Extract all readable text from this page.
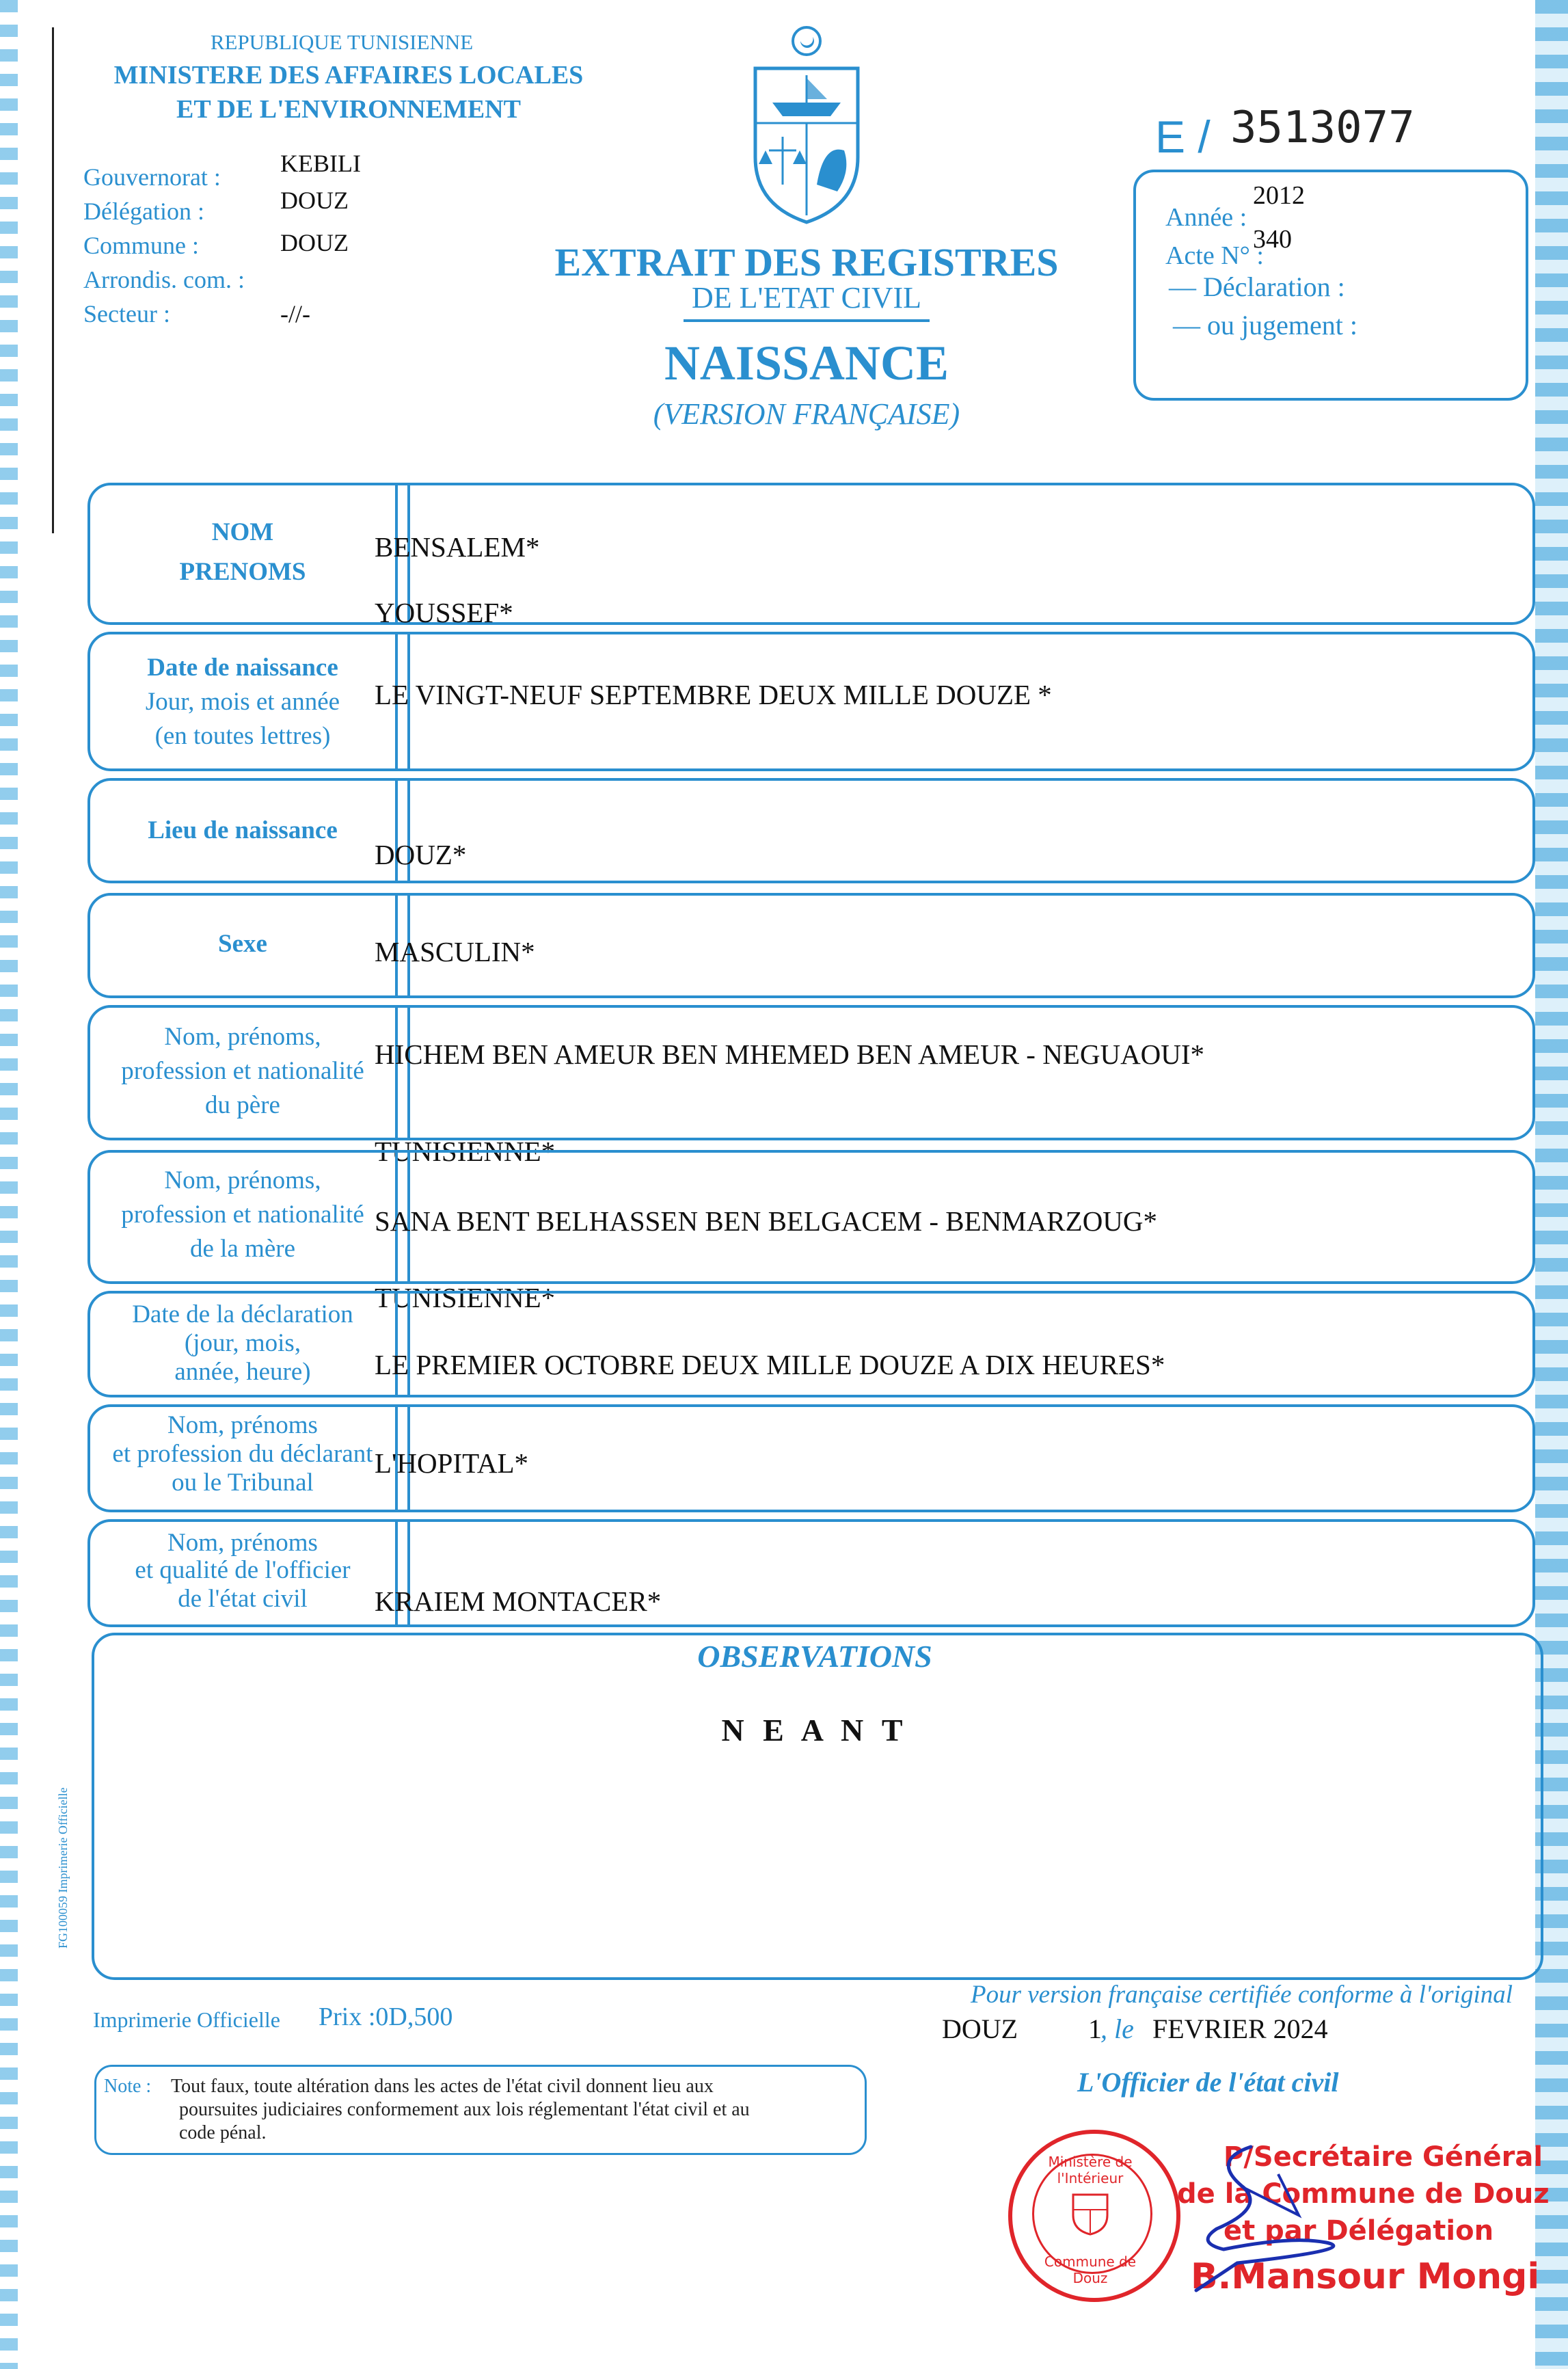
REPUBLIQUE TUNISIENNE
MINISTERE DES AFFAIRES LOCALES
ET DE L'ENVIRONNEMENT
Gouvernorat : KEBILI
Délégation :	DOUZ
Commune :	DOUZ
Arrondis. com. :
Secteur :	-//-
EXTRAIT DES REGISTRES
DE L'ETAT CIVIL
NAISSANCE
(VERSION FRANÇAISE)
E / 3513077
Année :
2012
Acte N° :
340
— Déclaration :
— ou jugement :
NOM
PRENOMS
BENSALEM*
YOUSSEF*
Date de naissance
Jour, mois et année
(en toutes lettres)
LE VINGT-NEUF SEPTEMBRE DEUX MILLE DOUZE *
Lieu de naissance
DOUZ*
Sexe	MASCULIN*
Nom, prénoms,
profession et nationalité
du père
HICHEM BEN AMEUR BEN MHEMED BEN AMEUR - NEGUAOUI*
TUNISIENNE*
Nom, prénoms,
profession et nationalité
de la mère
SANA BENT BELHASSEN BEN BELGACEM - BENMARZOUG*
TUNISIENNE*
Date de la déclaration
(jour, mois,
année, heure)	LE PREMIER OCTOBRE DEUX MILLE DOUZE A DIX HEURES*
Nom, prénoms
et profession du déclarant
ou le Tribunal
L'HOPITAL*
Nom, prénoms
et qualité de l'officier
de l'état civil	KRAIEM MONTACER*
OBSERVATIONS
N E A N T
FG100059 Imprimerie Officielle
Imprimerie Officielle Prix :0D,500
Pour version française certifiée conforme à l'original
DOUZ	1
, le FEVRIER 2024
L'Officier de l'état civil
Note : Tout faux, toute altération dans les actes de l'état civil donnent lieu aux
poursuites judiciaires conformement aux lois réglementant l'état civil et au
code pénal.
Ministère de l'Intérieur
Commune de Douz
P/Secrétaire Général
de la Commune de Douz
et par Délégation
B.Mansour Mongi
